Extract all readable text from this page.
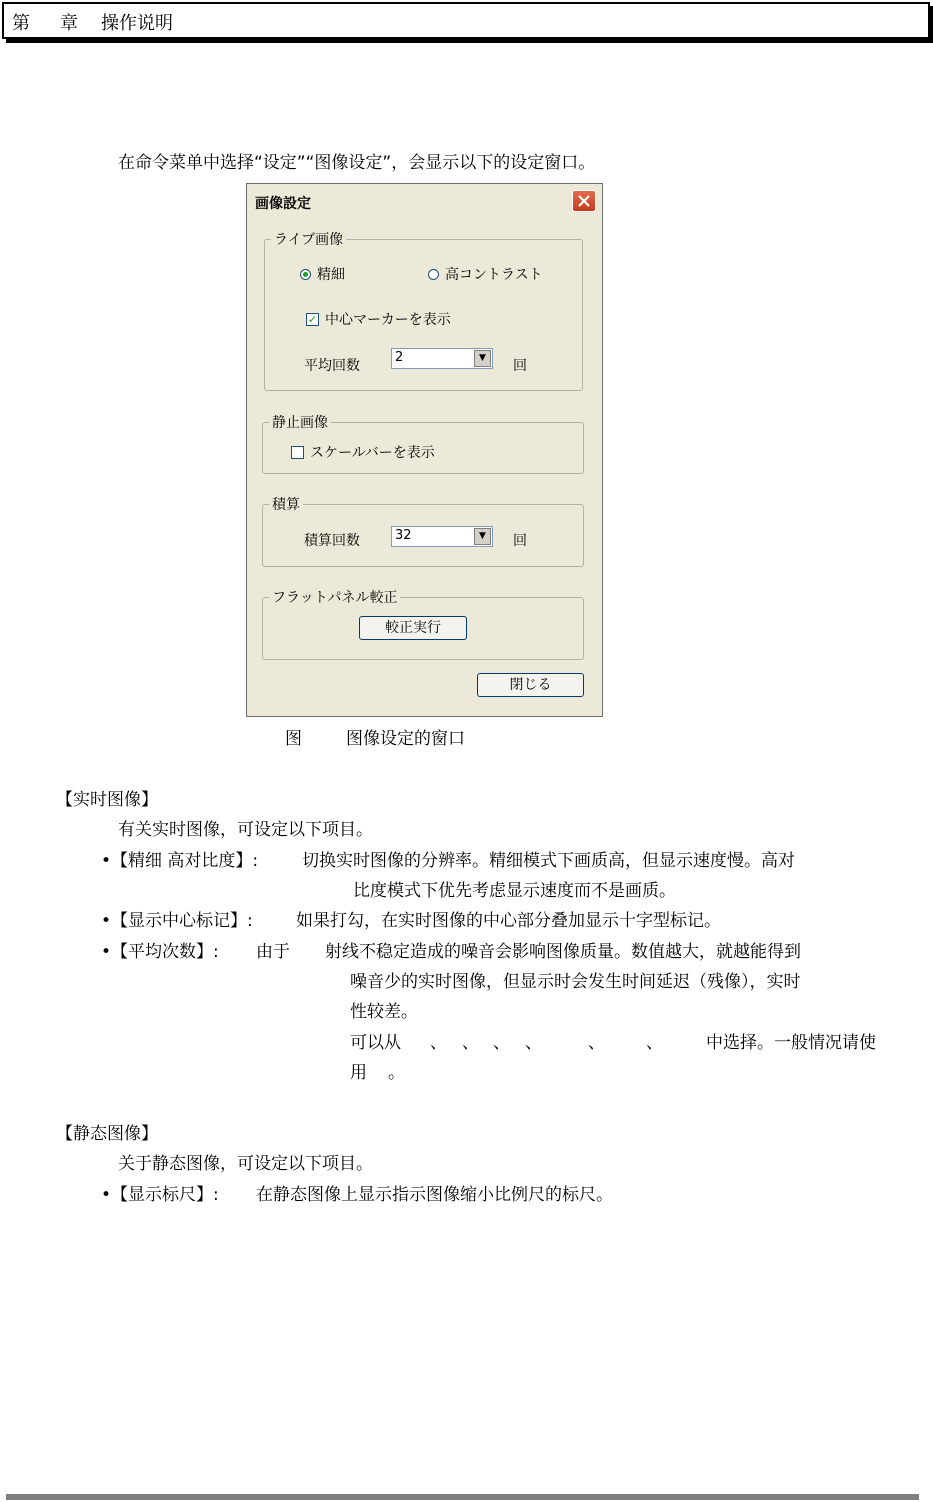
第 章 操作说明
在命令菜单中选择“设定”“图像设定”，会显示以下的设定窗口。
画像設定
ライブ画像
精細	高コントラスト
✓ 中心マーカーを表示
平均回数
2	▼	回
静止画像
スケールバーを表示
積算
積算回数	32	▼	回
フラットパネル較正
較正実行
閉じる
图	图像设定的窗口
【实时图像】
有关实时图像，可设定以下项目。
•【精细 高对比度】:	切换实时图像的分辨率。精细模式下画质高，但显示速度慢。高对
比度模式下优先考虑显示速度而不是画质。
•【显示中心标记】:	如果打勾，在实时图像的中心部分叠加显示十字型标记。
•【平均次数】: 由于 射线不稳定造成的噪音会影响图像质量。数值越大，就越能得到
噪音少的实时图像，但显示时会发生时间延迟（残像），实时
性较差。
可以从 、 、 、 、	、 、	中选择。一般情况请使
用 。
【静态图像】
关于静态图像，可设定以下项目。
•【显示标尺】: 在静态图像上显示指示图像缩小比例尺的标尺。
